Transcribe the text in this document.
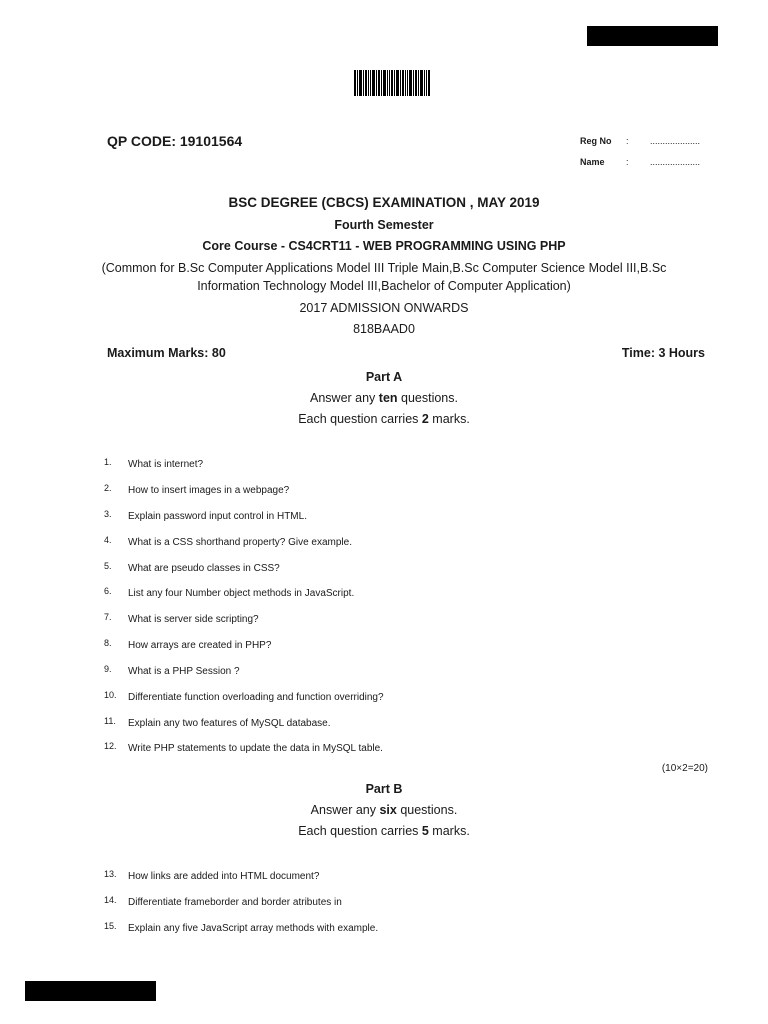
QP CODE: 19101564	Reg No : ....................
Name : ....................
BSC DEGREE (CBCS) EXAMINATION , MAY 2019
Fourth Semester
Core Course - CS4CRT11 - WEB PROGRAMMING USING PHP
(Common for B.Sc Computer Applications Model III Triple Main,B.Sc Computer Science Model III,B.Sc
Information Technology Model III,Bachelor of Computer Application)
2017 ADMISSION ONWARDS
818BAAD0
Maximum Marks: 80	Time: 3 Hours
Part A
Answer any ten questions.
Each question carries 2 marks.
1. What is internet?
2. How to insert images in a webpage?
3. Explain password input control in HTML.
4. What is a CSS shorthand property? Give example.
5. What are pseudo classes in CSS?
6. List any four Number object methods in JavaScript.
7. What is server side scripting?
8. How arrays are created in PHP?
9. What is a PHP Session ?
10. Differentiate function overloading and function overriding?
11. Explain any two features of MySQL database.
12. Write PHP statements to update the data in MySQL table.
(10×2=20)
Part B
Answer any six questions.
Each question carries 5 marks.
13. How links are added into HTML document?
14. Differentiate frameborder and border atributes in
15. Explain any five JavaScript array methods with example.
